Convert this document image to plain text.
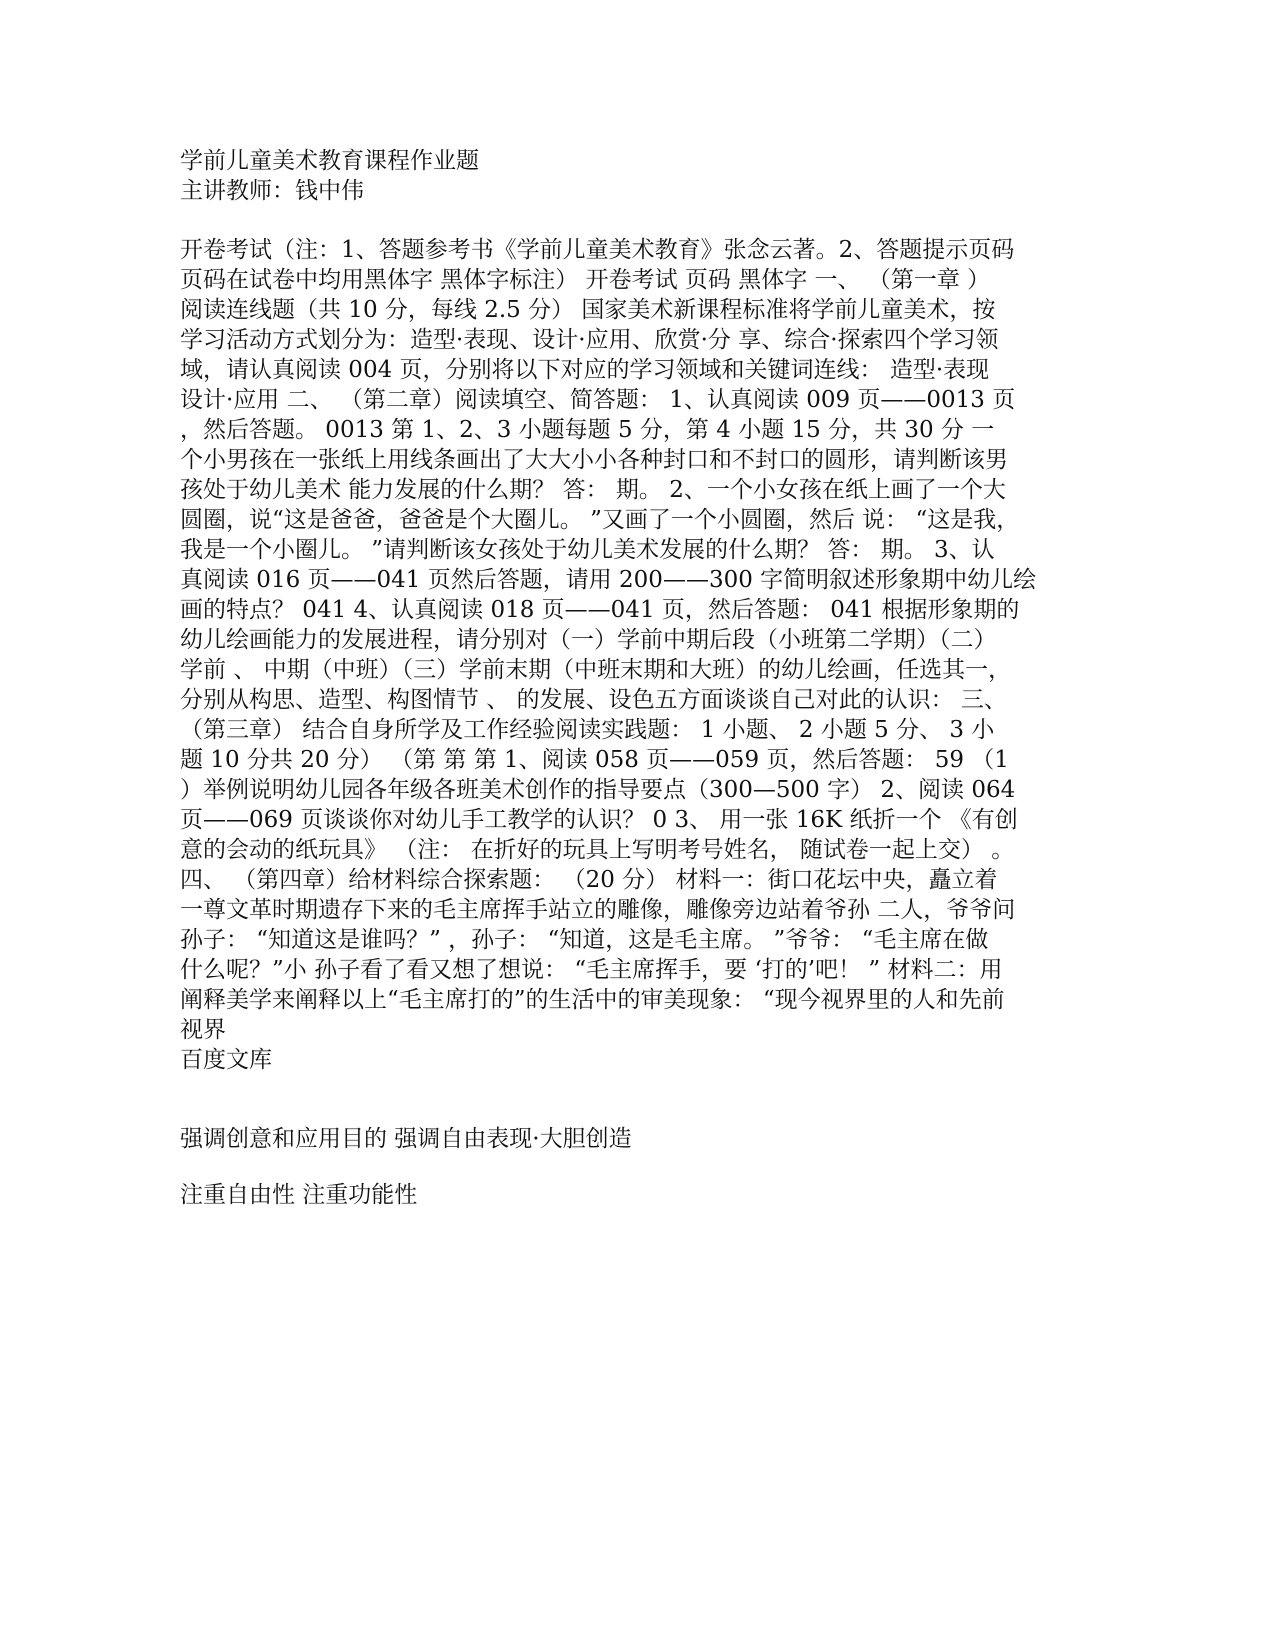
学前儿童美术教育课程作业题
主讲教师：钱中伟
开卷考试（注：1、答题参考书《学前儿童美术教育》张念云著。2、答题提示页码
页码在试卷中均用黑体字 黑体字标注） 开卷考试 页码 黑体字 一、 （第一章 ）
阅读连线题（共 10 分，每线 2.5 分） 国家美术新课程标准将学前儿童美术，按
学习活动方式划分为：造型·表现、设计·应用、欣赏·分 享、综合·探索四个学习领
域，请认真阅读 004 页，分别将以下对应的学习领域和关键词连线： 造型·表现
设计·应用 二、 （第二章）阅读填空、简答题： 1、认真阅读 009 页——0013 页
，然后答题。 0013 第 1、2、3 小题每题 5 分，第 4 小题 15 分，共 30 分 一
个小男孩在一张纸上用线条画出了大大小小各种封口和不封口的圆形，请判断该男
孩处于幼儿美术 能力发展的什么期？ 答： 期。 2、一个小女孩在纸上画了一个大
圆圈，说“这是爸爸，爸爸是个大圈儿。 ”又画了一个小圆圈，然后 说： “这是我，
我是一个小圈儿。 ”请判断该女孩处于幼儿美术发展的什么期？ 答： 期。 3、认
真阅读 016 页——041 页然后答题，请用 200——300 字简明叙述形象期中幼儿绘
画的特点？ 041 4、认真阅读 018 页——041 页，然后答题： 041 根据形象期的
幼儿绘画能力的发展进程，请分别对（一）学前中期后段（小班第二学期）（二）
学前 、 中期（中班）（三）学前末期（中班末期和大班）的幼儿绘画，任选其一，
分别从构思、造型、构图情节 、 的发展、设色五方面谈谈自己对此的认识： 三、
（第三章） 结合自身所学及工作经验阅读实践题： 1 小题、 2 小题 5 分、 3 小
题 10 分共 20 分） （第 第 第 1、阅读 058 页——059 页，然后答题： 59 （1
）举例说明幼儿园各年级各班美术创作的指导要点（300—500 字） 2、阅读 064
页——069 页谈谈你对幼儿手工教学的认识？ 0 3、 用一张 16K 纸折一个 《有创
意的会动的纸玩具》 （注： 在折好的玩具上写明考号姓名， 随试卷一起上交） 。
四、 （第四章）给材料综合探索题： （20 分） 材料一：街口花坛中央，矗立着
一尊文革时期遗存下来的毛主席挥手站立的雕像，雕像旁边站着爷孙 二人，爷爷问
孙子： “知道这是谁吗？” ，孙子： “知道，这是毛主席。 ”爷爷： “毛主席在做
什么呢？”小 孙子看了看又想了想说： “毛主席挥手，要 ‘打的’吧！ ” 材料二：用
阐释美学来阐释以上“毛主席打的”的生活中的审美现象： “现今视界里的人和先前
视界
百度文库
强调创意和应用目的 强调自由表现·大胆创造
注重自由性 注重功能性
